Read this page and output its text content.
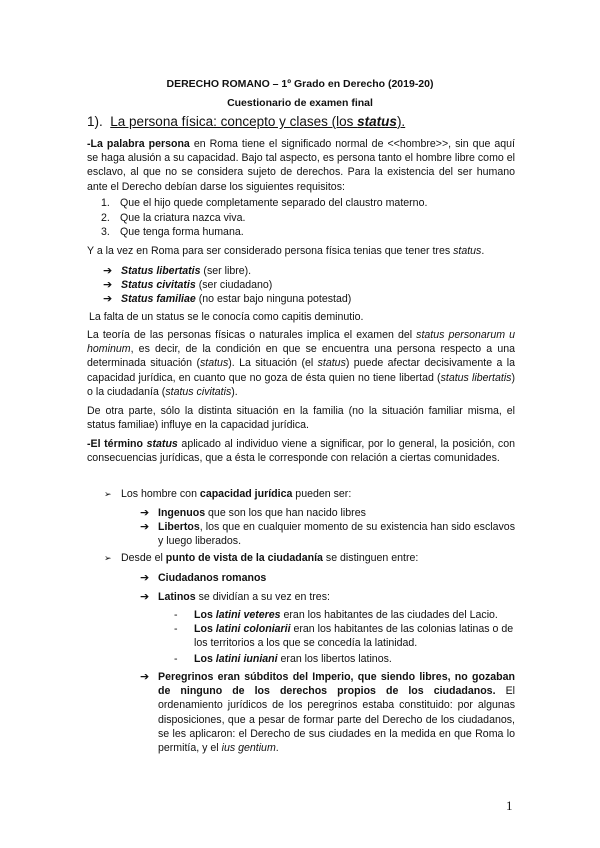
DERECHO ROMANO – 1º Grado en Derecho (2019-20)
Cuestionario de examen final
1). La persona física: concepto y clases (los status).
-La palabra persona en Roma tiene el significado normal de <<hombre>>, sin que aquí se haga alusión a su capacidad. Bajo tal aspecto, es persona tanto el hombre libre como el esclavo, al que no se considera sujeto de derechos. Para la existencia del ser humano ante el Derecho debían darse los siguientes requisitos:
1. Que el hijo quede completamente separado del claustro materno.
2. Que la criatura nazca viva.
3. Que tenga forma humana.
Y a la vez en Roma para ser considerado persona física tenias que tener tres status.
➔ Status libertatis (ser libre).
➔ Status civitatis (ser ciudadano)
➔ Status familiae (no estar bajo ninguna potestad)
La falta de un status se le conocía como capitis deminutio.
La teoría de las personas físicas o naturales implica el examen del status personarum u hominum, es decir, de la condición en que se encuentra una persona respecto a una determinada situación (status). La situación (el status) puede afectar decisivamente a la capacidad jurídica, en cuanto que no goza de ésta quien no tiene libertad (status libertatis) o la ciudadanía (status civitatis).
De otra parte, sólo la distinta situación en la familia (no la situación familiar misma, el status familiae) influye en la capacidad jurídica.
-El término status aplicado al individuo viene a significar, por lo general, la posición, con consecuencias jurídicas, que a ésta le corresponde con relación a ciertas comunidades.
➢ Los hombre con capacidad jurídica pueden ser:
➔ Ingenuos que son los que han nacido libres
➔ Libertos, los que en cualquier momento de su existencia han sido esclavos y luego liberados.
➢ Desde el punto de vista de la ciudadanía se distinguen entre:
➔ Ciudadanos romanos
➔ Latinos se dividían a su vez en tres:
- Los latini veteres eran los habitantes de las ciudades del Lacio.
- Los latini coloniarii eran los habitantes de las colonias latinas o de los territorios a los que se concedía la latinidad.
- Los latini iuniani eran los libertos latinos.
➔ Peregrinos eran súbditos del Imperio, que siendo libres, no gozaban de ninguno de los derechos propios de los ciudadanos. El ordenamiento jurídicos de los peregrinos estaba constituido: por algunas disposiciones, que a pesar de formar parte del Derecho de los ciudadanos, se les aplicaron: el Derecho de sus ciudades en la medida en que Roma lo permitía, y el ius gentium.
1
